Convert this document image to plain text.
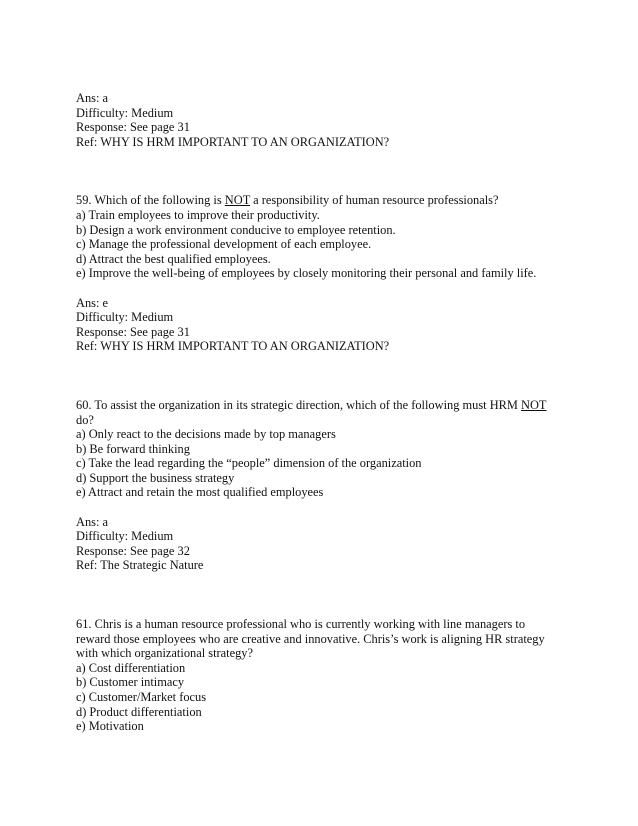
Ans: a
Difficulty: Medium
Response: See page 31
Ref: WHY IS HRM IMPORTANT TO AN ORGANIZATION?
59. Which of the following is NOT a responsibility of human resource professionals?
a) Train employees to improve their productivity.
b) Design a work environment conducive to employee retention.
c) Manage the professional development of each employee.
d) Attract the best qualified employees.
e) Improve the well-being of employees by closely monitoring their personal and family life.
Ans: e
Difficulty: Medium
Response: See page 31
Ref: WHY IS HRM IMPORTANT TO AN ORGANIZATION?
60. To assist the organization in its strategic direction, which of the following must HRM NOT
do?
a) Only react to the decisions made by top managers
b) Be forward thinking
c) Take the lead regarding the “people” dimension of the organization
d) Support the business strategy
e) Attract and retain the most qualified employees
Ans: a
Difficulty: Medium
Response: See page 32
Ref: The Strategic Nature
61. Chris is a human resource professional who is currently working with line managers to
reward those employees who are creative and innovative. Chris’s work is aligning HR strategy
with which organizational strategy?
a) Cost differentiation
b) Customer intimacy
c) Customer/Market focus
d) Product differentiation
e) Motivation
